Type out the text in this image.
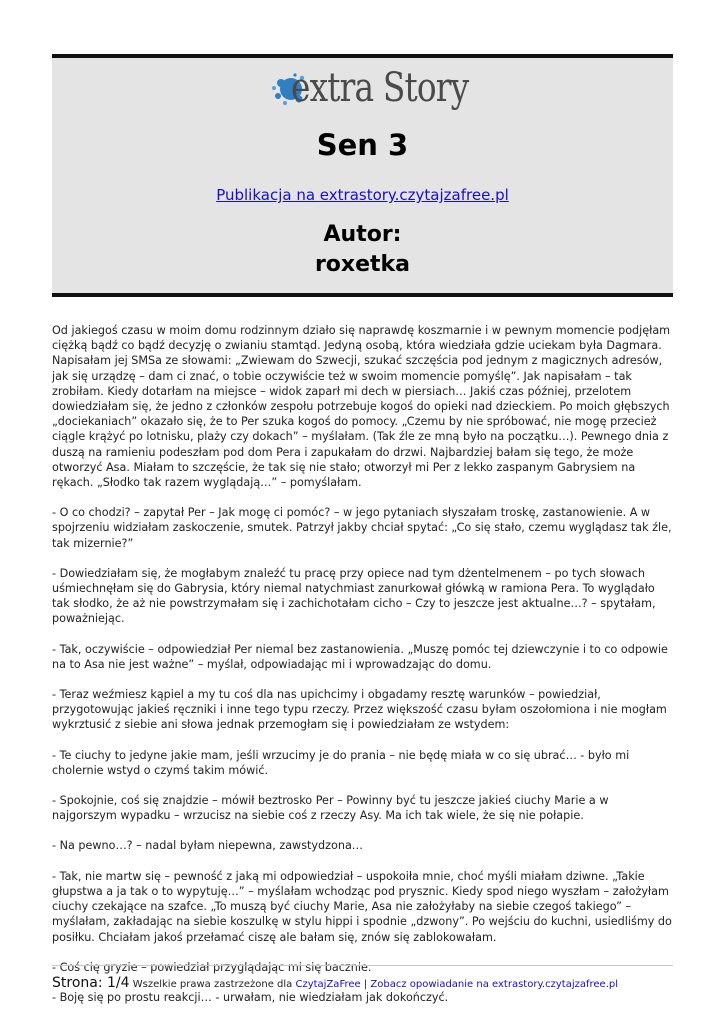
extra Story
Sen 3
Publikacja na extrastory.czytajzafree.pl
Autor:
roxetka

Od jakiegoś czasu w moim domu rodzinnym działo się naprawdę koszmarnie i w pewnym momencie podjęłam ciężką bądź co bądź decyzję o zwianiu stamtąd. Jedyną osobą, która wiedziała gdzie uciekam była Dagmara. Napisałam jej SMSa ze słowami: „Zwiewam do Szwecji, szukać szczęścia pod jednym z magicznych adresów, jak się urządzę – dam ci znać, o tobie oczywiście też w swoim momencie pomyślę”. Jak napisałam – tak zrobiłam. Kiedy dotarłam na miejsce – widok zaparł mi dech w piersiach… Jakiś czas później, przelotem dowiedziałam się, że jedno z członków zespołu potrzebuje kogoś do opieki nad dzieckiem. Po moich głębszych „dociekaniach” okazało się, że to Per szuka kogoś do pomocy. „Czemu by nie spróbować, nie mogę przecież ciągle krążyć po lotnisku, plaży czy dokach” – myślałam. (Tak źle ze mną było na początku…). Pewnego dnia z duszą na ramieniu podeszłam pod dom Pera i zapukałam do drzwi. Najbardziej bałam się tego, że może otworzyć Asa. Miałam to szczęście, że tak się nie stało; otworzył mi Per z lekko zaspanym Gabrysiem na rękach. „Słodko tak razem wyglądają…” – pomyślałam.

- O co chodzi? – zapytał Per – Jak mogę ci pomóc? – w jego pytaniach słyszałam troskę, zastanowienie. A w spojrzeniu widziałam zaskoczenie, smutek. Patrzył jakby chciał spytać: „Co się stało, czemu wyglądasz tak źle, tak mizernie?”

- Dowiedziałam się, że mogłabym znaleźć tu pracę przy opiece nad tym dżentelmenem – po tych słowach uśmiechnęłam się do Gabrysia, który niemal natychmiast zanurkował główką w ramiona Pera. To wyglądało tak słodko, że aż nie powstrzymałam się i zachichotałam cicho – Czy to jeszcze jest aktualne…? – spytałam, poważniejąc.

- Tak, oczywiście – odpowiedział Per niemal bez zastanowienia. „Muszę pomóc tej dziewczynie i to co odpowie na to Asa nie jest ważne” – myślał, odpowiadając mi i wprowadzając do domu.

- Teraz weźmiesz kąpiel a my tu coś dla nas upichcimy i obgadamy resztę warunków – powiedział, przygotowując jakieś ręczniki i inne tego typu rzeczy. Przez większość czasu byłam oszołomiona i nie mogłam wykrztusić z siebie ani słowa jednak przemogłam się i powiedziałam ze wstydem:

- Te ciuchy to jedyne jakie mam, jeśli wrzucimy je do prania – nie będę miała w co się ubrać… - było mi cholernie wstyd o czymś takim mówić.

- Spokojnie, coś się znajdzie – mówił beztrosko Per – Powinny być tu jeszcze jakieś ciuchy Marie a w najgorszym wypadku – wrzucisz na siebie coś z rzeczy Asy. Ma ich tak wiele, że się nie połapie.

- Na pewno…? – nadal byłam niepewna, zawstydzona…

- Tak, nie martw się – pewność z jaką mi odpowiedział – uspokoiła mnie, choć myśli miałam dziwne. „Takie głupstwa a ja tak o to wypytuję…” – myślałam wchodząc pod prysznic. Kiedy spod niego wyszłam – założyłam ciuchy czekające na szafce. „To muszą być ciuchy Marie, Asa nie założyłaby na siebie czegoś takiego” – myślałam, zakładając na siebie koszulkę w stylu hippi i spodnie „dzwony”. Po wejściu do kuchni, usiedliśmy do posiłku. Chciałam jakoś przełamać ciszę ale bałam się, znów się zablokowałam.

- Coś cię gryzie – powiedział przyglądając mi się bacznie.

- Boję się po prostu reakcji… - urwałam, nie wiedziałam jak dokończyć.

Strona: 1/4 Wszelkie prawa zastrzeżone dla CzytajZaFree | Zobacz opowiadanie na extrastory.czytajzafree.pl
